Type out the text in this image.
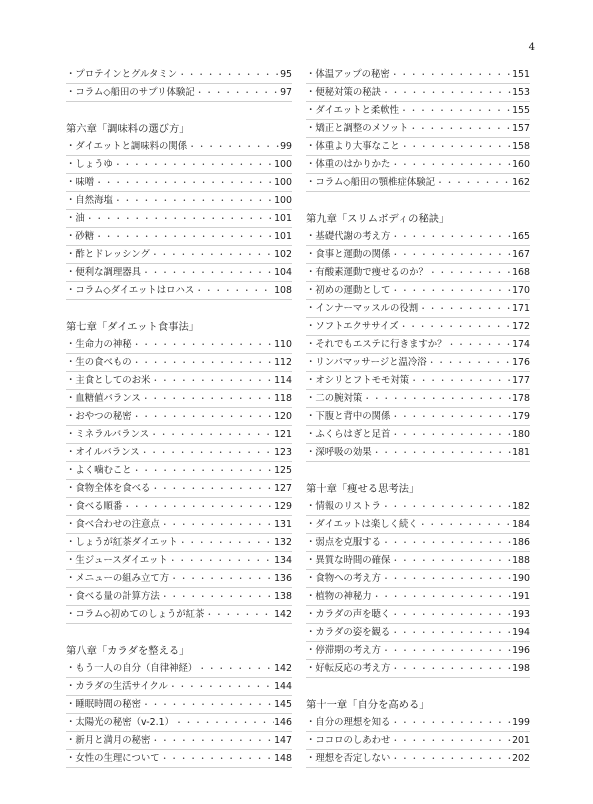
4
・プロテインとグルタミン ・・・・・・・・・・・・・・・・・・・・・・・・・・・・・・・・・・・・・・	95
・コラム◇船田のサプリ体験記 ・・・・・・・・・・・・・・・・・・・・・・・・・・・・・・・・・・・・・・	97
第六章「調味料の選び方」
・ダイエットと調味料の関係 ・・・・・・・・・・・・・・・・・・・・・・・・・・・・・・・・・・・・・・	99
・しょうゆ ・・・・・・・・・・・・・・・・・・・・・・・・・・・・・・・・・・・・・・	100
・味噌 ・・・・・・・・・・・・・・・・・・・・・・・・・・・・・・・・・・・・・・	100
・自然海塩 ・・・・・・・・・・・・・・・・・・・・・・・・・・・・・・・・・・・・・・	100
・油 ・・・・・・・・・・・・・・・・・・・・・・・・・・・・・・・・・・・・・・	101
・砂糖 ・・・・・・・・・・・・・・・・・・・・・・・・・・・・・・・・・・・・・・	101
・酢とドレッシング ・・・・・・・・・・・・・・・・・・・・・・・・・・・・・・・・・・・・・・	102
・便利な調理器具 ・・・・・・・・・・・・・・・・・・・・・・・・・・・・・・・・・・・・・・	104
・コラム◇ダイエットはロハス ・・・・・・・・・・・・・・・・・・・・・・・・・・・・・・・・・・・・・・	108
第七章「ダイエット食事法」
・生命力の神秘 ・・・・・・・・・・・・・・・・・・・・・・・・・・・・・・・・・・・・・・	110
・生の食べもの ・・・・・・・・・・・・・・・・・・・・・・・・・・・・・・・・・・・・・・	112
・主食としてのお米 ・・・・・・・・・・・・・・・・・・・・・・・・・・・・・・・・・・・・・・	114
・血糖値バランス ・・・・・・・・・・・・・・・・・・・・・・・・・・・・・・・・・・・・・・	118
・おやつの秘密 ・・・・・・・・・・・・・・・・・・・・・・・・・・・・・・・・・・・・・・	120
・ミネラルバランス ・・・・・・・・・・・・・・・・・・・・・・・・・・・・・・・・・・・・・・	121
・オイルバランス ・・・・・・・・・・・・・・・・・・・・・・・・・・・・・・・・・・・・・・	123
・よく噛むこと ・・・・・・・・・・・・・・・・・・・・・・・・・・・・・・・・・・・・・・	125
・食物全体を食べる ・・・・・・・・・・・・・・・・・・・・・・・・・・・・・・・・・・・・・・	127
・食べる順番 ・・・・・・・・・・・・・・・・・・・・・・・・・・・・・・・・・・・・・・	129
・食べ合わせの注意点 ・・・・・・・・・・・・・・・・・・・・・・・・・・・・・・・・・・・・・・	131
・しょうが紅茶ダイエット ・・・・・・・・・・・・・・・・・・・・・・・・・・・・・・・・・・・・・・	132
・生ジュースダイエット ・・・・・・・・・・・・・・・・・・・・・・・・・・・・・・・・・・・・・・	134
・メニューの組み立て方 ・・・・・・・・・・・・・・・・・・・・・・・・・・・・・・・・・・・・・・	136
・食べる量の計算方法 ・・・・・・・・・・・・・・・・・・・・・・・・・・・・・・・・・・・・・・	138
・コラム◇初めてのしょうが紅茶 ・・・・・・・・・・・・・・・・・・・・・・・・・・・・・・・・・・・・・・	142
第八章「カラダを整える」
・もう一人の自分（自律神経） ・・・・・・・・・・・・・・・・・・・・・・・・・・・・・・・・・・・・・・	142
・カラダの生活サイクル ・・・・・・・・・・・・・・・・・・・・・・・・・・・・・・・・・・・・・・	144
・睡眠時間の秘密 ・・・・・・・・・・・・・・・・・・・・・・・・・・・・・・・・・・・・・・	145
・太陽光の秘密（v-2.1） ・・・・・・・・・・・・・・・・・・・・・・・・・・・・・・・・・・・・・・	146
・新月と満月の秘密 ・・・・・・・・・・・・・・・・・・・・・・・・・・・・・・・・・・・・・・	147
・女性の生理について ・・・・・・・・・・・・・・・・・・・・・・・・・・・・・・・・・・・・・・	148
・体温アップの秘密 ・・・・・・・・・・・・・・・・・・・・・・・・・・・・・・・・・・・・・・	151
・便秘対策の秘訣 ・・・・・・・・・・・・・・・・・・・・・・・・・・・・・・・・・・・・・・	153
・ダイエットと柔軟性 ・・・・・・・・・・・・・・・・・・・・・・・・・・・・・・・・・・・・・・	155
・矯正と調整のメソット ・・・・・・・・・・・・・・・・・・・・・・・・・・・・・・・・・・・・・・	157
・体重より大事なこと ・・・・・・・・・・・・・・・・・・・・・・・・・・・・・・・・・・・・・・	158
・体重のはかりかた ・・・・・・・・・・・・・・・・・・・・・・・・・・・・・・・・・・・・・・	160
・コラム◇船田の顎椎症体験記 ・・・・・・・・・・・・・・・・・・・・・・・・・・・・・・・・・・・・・・	162
第九章「スリムボディの秘訣」
・基礎代謝の考え方 ・・・・・・・・・・・・・・・・・・・・・・・・・・・・・・・・・・・・・・	165
・食事と運動の関係 ・・・・・・・・・・・・・・・・・・・・・・・・・・・・・・・・・・・・・・	167
・有酸素運動で痩せるのか？ ・・・・・・・・・・・・・・・・・・・・・・・・・・・・・・・・・・・・・・	168
・初めの運動として ・・・・・・・・・・・・・・・・・・・・・・・・・・・・・・・・・・・・・・	170
・インナーマッスルの役割 ・・・・・・・・・・・・・・・・・・・・・・・・・・・・・・・・・・・・・・	171
・ソフトエクササイズ ・・・・・・・・・・・・・・・・・・・・・・・・・・・・・・・・・・・・・・	172
・それでもエステに行きますか？ ・・・・・・・・・・・・・・・・・・・・・・・・・・・・・・・・・・・・・・	174
・リンパマッサージと温冷浴 ・・・・・・・・・・・・・・・・・・・・・・・・・・・・・・・・・・・・・・	176
・オシリとフトモモ対策 ・・・・・・・・・・・・・・・・・・・・・・・・・・・・・・・・・・・・・・	177
・二の腕対策 ・・・・・・・・・・・・・・・・・・・・・・・・・・・・・・・・・・・・・・	178
・下腹と背中の関係 ・・・・・・・・・・・・・・・・・・・・・・・・・・・・・・・・・・・・・・	179
・ふくらはぎと足首 ・・・・・・・・・・・・・・・・・・・・・・・・・・・・・・・・・・・・・・	180
・深呼吸の効果 ・・・・・・・・・・・・・・・・・・・・・・・・・・・・・・・・・・・・・・	181
第十章「痩せる思考法」
・情報のリストラ ・・・・・・・・・・・・・・・・・・・・・・・・・・・・・・・・・・・・・・	182
・ダイエットは楽しく続く ・・・・・・・・・・・・・・・・・・・・・・・・・・・・・・・・・・・・・・	184
・弱点を克服する ・・・・・・・・・・・・・・・・・・・・・・・・・・・・・・・・・・・・・・	186
・異質な時間の確保 ・・・・・・・・・・・・・・・・・・・・・・・・・・・・・・・・・・・・・・	188
・食物への考え方 ・・・・・・・・・・・・・・・・・・・・・・・・・・・・・・・・・・・・・・	190
・植物の神秘力 ・・・・・・・・・・・・・・・・・・・・・・・・・・・・・・・・・・・・・・	191
・カラダの声を聴く ・・・・・・・・・・・・・・・・・・・・・・・・・・・・・・・・・・・・・・	193
・カラダの姿を観る ・・・・・・・・・・・・・・・・・・・・・・・・・・・・・・・・・・・・・・	194
・停滞期の考え方 ・・・・・・・・・・・・・・・・・・・・・・・・・・・・・・・・・・・・・・	196
・好転反応の考え方 ・・・・・・・・・・・・・・・・・・・・・・・・・・・・・・・・・・・・・・	198
第十一章「自分を高める」
・自分の理想を知る ・・・・・・・・・・・・・・・・・・・・・・・・・・・・・・・・・・・・・・	199
・ココロのしあわせ ・・・・・・・・・・・・・・・・・・・・・・・・・・・・・・・・・・・・・・	201
・理想を否定しない ・・・・・・・・・・・・・・・・・・・・・・・・・・・・・・・・・・・・・・	202
